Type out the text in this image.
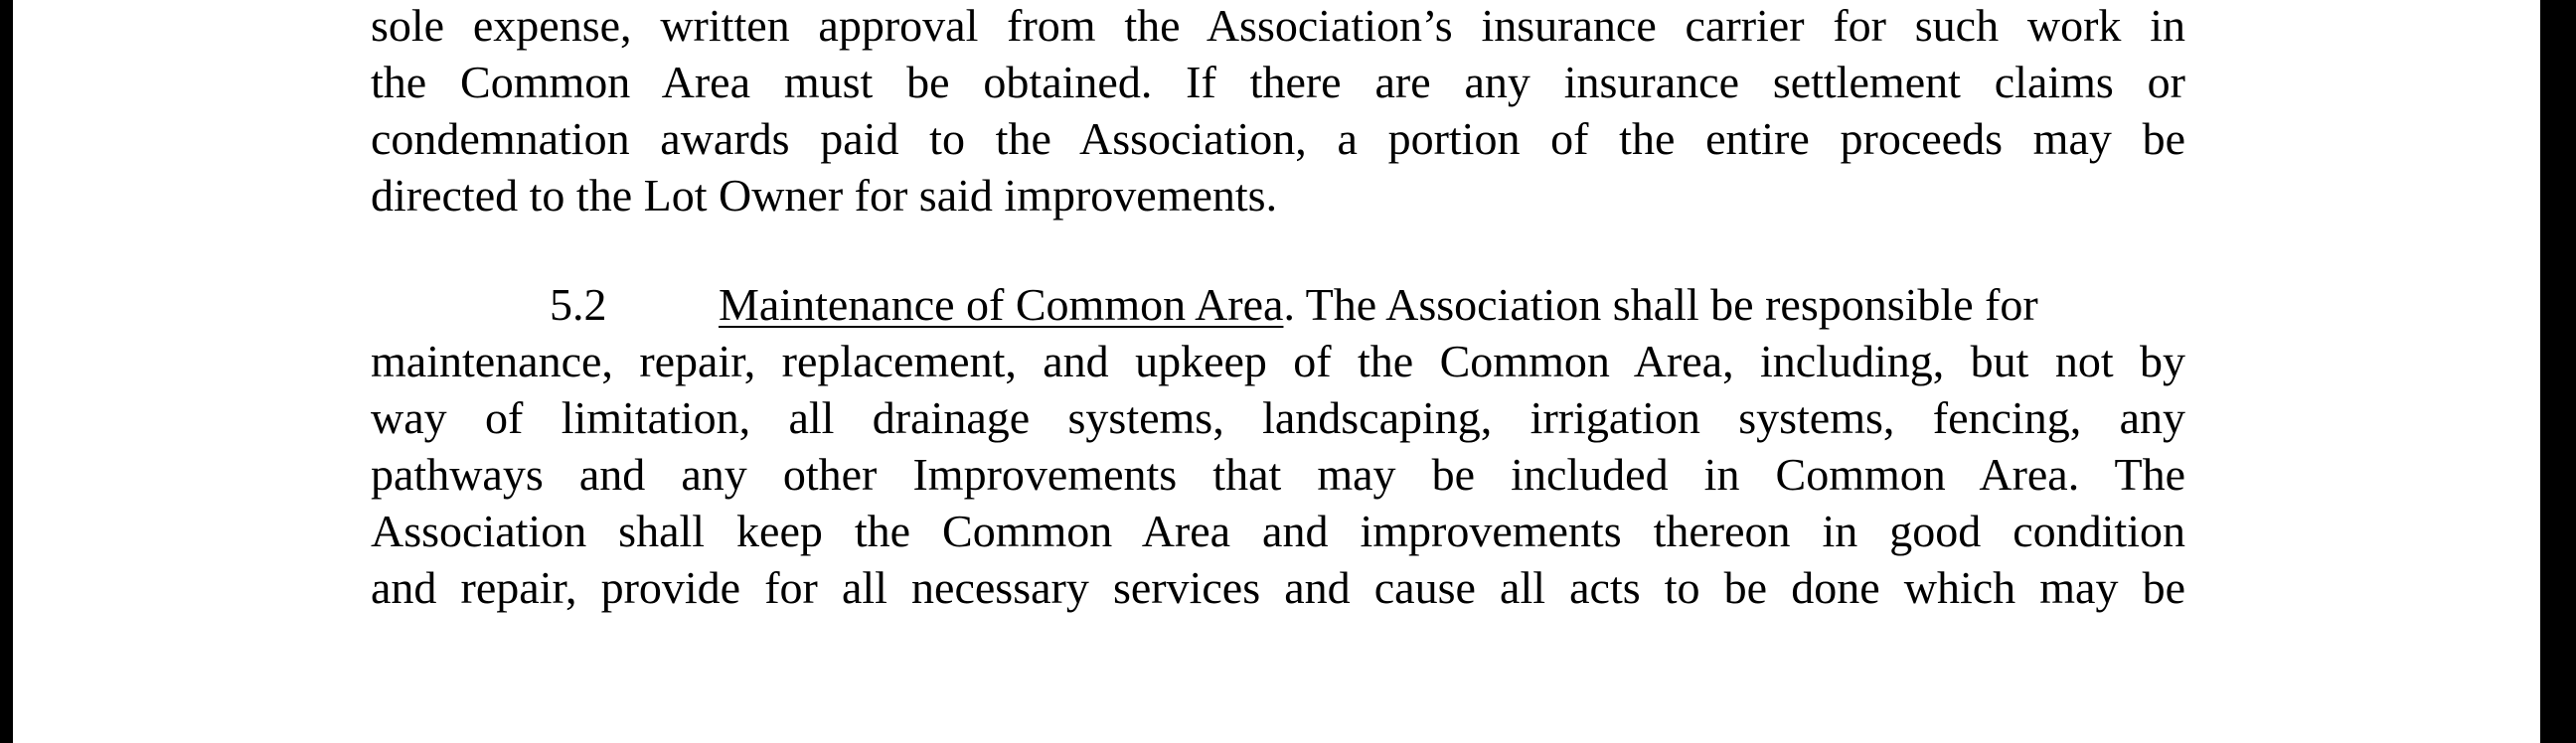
sole expense, written approval from the Association’s insurance carrier for such work in
the Common Area must be obtained. If there are any insurance settlement claims or
condemnation awards paid to the Association, a portion of the entire proceeds may be
directed to the Lot Owner for said improvements.
5.2 Maintenance of Common Area. The Association shall be responsible for
maintenance, repair, replacement, and upkeep of the Common Area, including, but not by
way of limitation, all drainage systems, landscaping, irrigation systems, fencing, any
pathways and any other Improvements that may be included in Common Area. The
Association shall keep the Common Area and improvements thereon in good condition
and repair, provide for all necessary services and cause all acts to be done which may be
